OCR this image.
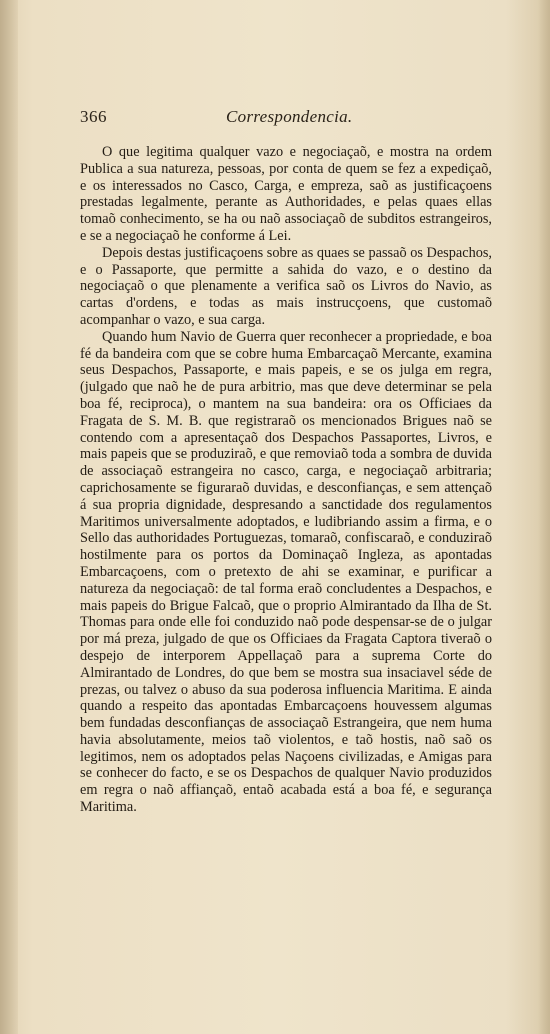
366	Correspondencia.

O que legitima qualquer vazo e negociaçaõ, e mostra na ordem Publica a sua natureza, pessoas, por conta de quem se fez a expediçaõ, e os interessados no Casco, Carga, e empreza, saõ as justificaçoens prestadas legalmente, perante as Authoridades, e pelas quaes ellas tomaõ conhecimento, se ha ou naõ associaçaõ de subditos estrangeiros, e se a negociaçaõ he conforme á Lei.

Depois destas justificaçoens sobre as quaes se passaõ os Despachos, e o Passaporte, que permitte a sahida do vazo, e o destino da negociaçaõ o que plenamente a verifica saõ os Livros do Navio, as cartas d'ordens, e todas as mais instrucçoens, que customaõ acompanhar o vazo, e sua carga.

Quando hum Navio de Guerra quer reconhecer a propriedade, e boa fé da bandeira com que se cobre huma Embarcaçaõ Mercante, examina seus Despachos, Passaporte, e mais papeis, e se os julga em regra, (julgado que naõ he de pura arbitrio, mas que deve determinar se pela boa fé, reciproca), o mantem na sua bandeira: ora os Officiaes da Fragata de S. M. B. que registraraõ os mencionados Brigues naõ se contendo com a apresentaçaõ dos Despachos Passaportes, Livros, e mais papeis que se produziraõ, e que removiaõ toda a sombra de duvida de associaçaõ estrangeira no casco, carga, e negociaçaõ arbitraria; caprichosamente se figuraraõ duvidas, e desconfianças, e sem attençaõ á sua propria dignidade, despresando a sanctidade dos regulamentos Maritimos universalmente adoptados, e ludibriando assim a firma, e o Sello das authoridades Portuguezas, tomaraõ, confiscaraõ, e conduziraõ hostilmente para os portos da Dominaçaõ Ingleza, as apontadas Embarcaçoens, com o pretexto de ahi se examinar, e purificar a natureza da negociaçaõ: de tal forma eraõ concludentes a Despachos, e mais papeis do Brigue Falcaõ, que o proprio Almirantado da Ilha de St. Thomas para onde elle foi conduzido naõ pode despensar-se de o julgar por má preza, julgado de que os Officiaes da Fragata Captora tiveraõ o despejo de interporem Appellaçaõ para a suprema Corte do Almirantado de Londres, do que bem se mostra sua insaciavel séde de prezas, ou talvez o abuso da sua poderosa influencia Maritima. E ainda quando a respeito das apontadas Embarcaçoens houvessem algumas bem fundadas desconfianças de associaçaõ Estrangeira, que nem huma havia absolutamente, meios taõ violentos, e taõ hostis, naõ saõ os legitimos, nem os adoptados pelas Naçoens civilizadas, e Amigas para se conhecer do facto, e se os Despachos de qualquer Navio produzidos em regra o naõ affiançaõ, entaõ acabada está a boa fé, e segurança Maritima.
